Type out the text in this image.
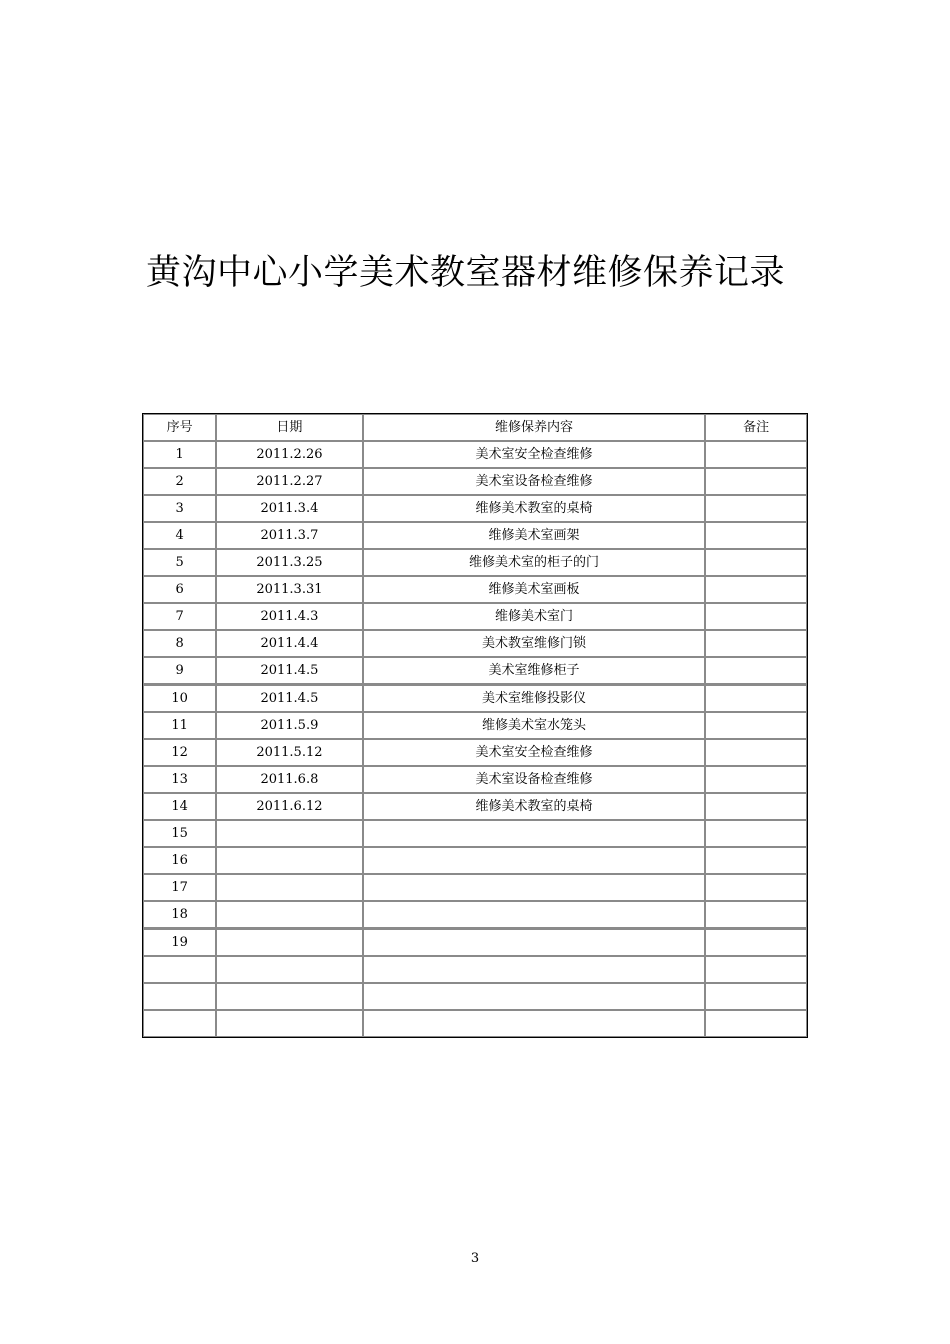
黄沟中心小学美术教室器材维修保养记录
序号	日期	维修保养内容	备注
1	2011.2.26	美术室安全检查维修	
2	2011.2.27	美术室设备检查维修	
3	2011.3.4	维修美术教室的桌椅	
4	2011.3.7	维修美术室画架	
5	2011.3.25	维修美术室的柜子的门	
6	2011.3.31	维修美术室画板	
7	2011.4.3	维修美术室门	
8	2011.4.4	美术教室维修门锁	
9	2011.4.5	美术室维修柜子	
10	2011.4.5	美术室维修投影仪	
11	2011.5.9	维修美术室水笼头	
12	2011.5.12	美术室安全检查维修	
13	2011.6.8	美术室设备检查维修	
14	2011.6.12	维修美术教室的桌椅	
15			
16			
17			
18			
19			

3
